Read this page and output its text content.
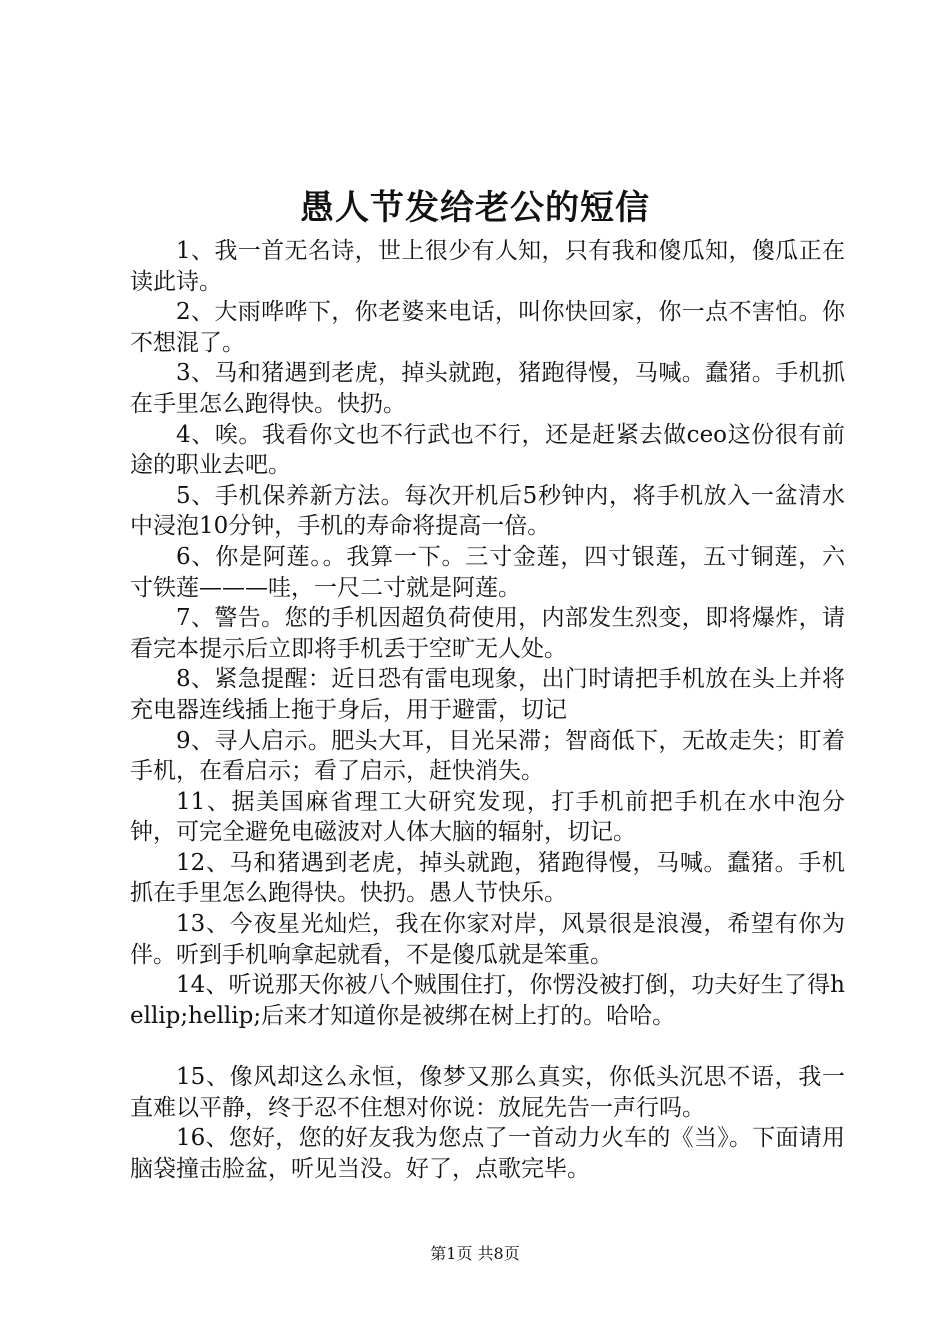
愚人节发给老公的短信

1、我一首无名诗，世上很少有人知，只有我和傻瓜知，傻瓜正在读此诗。

2、大雨哗哗下，你老婆来电话，叫你快回家，你一点不害怕。你不想混了。

3、马和猪遇到老虎，掉头就跑，猪跑得慢，马喊。蠢猪。手机抓在手里怎么跑得快。快扔。

4、唉。我看你文也不行武也不行，还是赶紧去做ceo这份很有前途的职业去吧。

5、手机保养新方法。每次开机后5秒钟内，将手机放入一盆清水中浸泡10分钟，手机的寿命将提高一倍。

6、你是阿莲。。我算一下。三寸金莲，四寸银莲，五寸铜莲，六寸铁莲———哇，一尺二寸就是阿莲。

7、警告。您的手机因超负荷使用，内部发生烈变，即将爆炸，请看完本提示后立即将手机丢于空旷无人处。

8、紧急提醒：近日恐有雷电现象，出门时请把手机放在头上并将充电器连线插上拖于身后，用于避雷，切记

9、寻人启示。肥头大耳，目光呆滞；智商低下，无故走失；盯着手机，在看启示；看了启示，赶快消失。

11、据美国麻省理工大研究发现，打手机前把手机在水中泡分钟，可完全避免电磁波对人体大脑的辐射，切记。

12、马和猪遇到老虎，掉头就跑，猪跑得慢，马喊。蠢猪。手机抓在手里怎么跑得快。快扔。愚人节快乐。

13、今夜星光灿烂，我在你家对岸，风景很是浪漫，希望有你为伴。听到手机响拿起就看，不是傻瓜就是笨重。

14、听说那天你被八个贼围住打，你愣没被打倒，功夫好生了得hellip;hellip;后来才知道你是被绑在树上打的。哈哈。

15、像风却这么永恒，像梦又那么真实，你低头沉思不语，我一直难以平静，终于忍不住想对你说：放屁先告一声行吗。

16、您好，您的好友我为您点了一首动力火车的《当》。下面请用脑袋撞击脸盆，听见当没。好了，点歌完毕。

第1页 共8页
